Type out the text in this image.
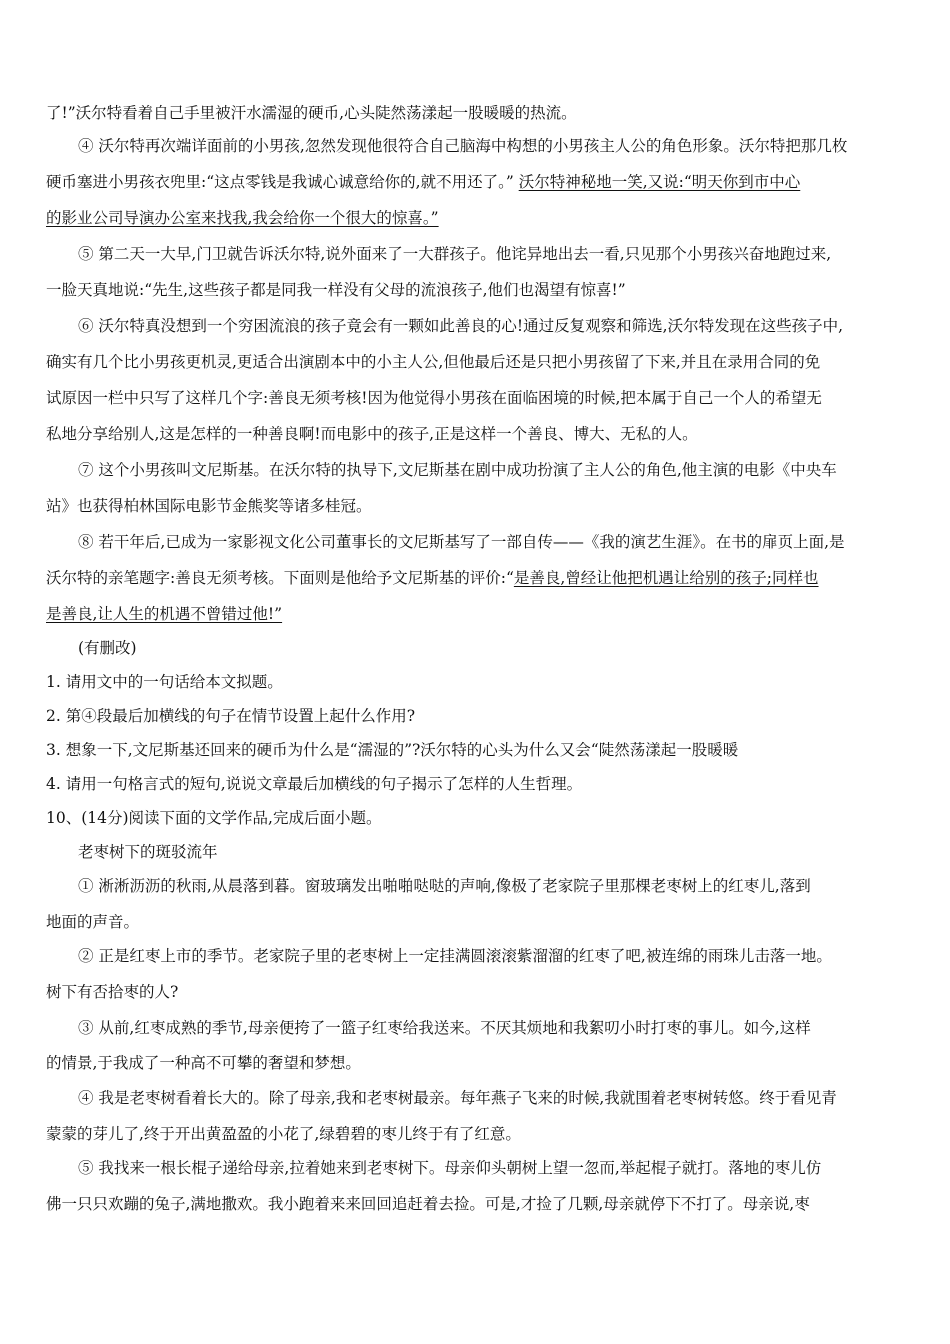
了!”沃尔特看着自己手里被汗水濡湿的硬币,心头陡然荡漾起一股暖暖的热流。
④ 沃尔特再次端详面前的小男孩,忽然发现他很符合自己脑海中构想的小男孩主人公的角色形象。沃尔特把那几枚
硬币塞进小男孩衣兜里:“这点零钱是我诚心诚意给你的,就不用还了。” 沃尔特神秘地一笑,又说:“明天你到市中心
的影业公司导演办公室来找我,我会给你一个很大的惊喜。”
⑤ 第二天一大早,门卫就告诉沃尔特,说外面来了一大群孩子。他诧异地出去一看,只见那个小男孩兴奋地跑过来,
一脸天真地说:“先生,这些孩子都是同我一样没有父母的流浪孩子,他们也渴望有惊喜!”
⑥ 沃尔特真没想到一个穷困流浪的孩子竟会有一颗如此善良的心!通过反复观察和筛选,沃尔特发现在这些孩子中,
确实有几个比小男孩更机灵,更适合出演剧本中的小主人公,但他最后还是只把小男孩留了下来,并且在录用合同的免
试原因一栏中只写了这样几个字:善良无须考核!因为他觉得小男孩在面临困境的时候,把本属于自己一个人的希望无
私地分享给别人,这是怎样的一种善良啊!而电影中的孩子,正是这样一个善良、博大、无私的人。
⑦ 这个小男孩叫文尼斯基。在沃尔特的执导下,文尼斯基在剧中成功扮演了主人公的角色,他主演的电影《中央车
站》也获得柏林国际电影节金熊奖等诸多桂冠。
⑧ 若干年后,已成为一家影视文化公司董事长的文尼斯基写了一部自传——《我的演艺生涯》。在书的扉页上面,是
沃尔特的亲笔题字:善良无须考核。下面则是他给予文尼斯基的评价:“是善良,曾经让他把机遇让给别的孩子;同样也
是善良,让人生的机遇不曾错过他!”
(有删改)
1. 请用文中的一句话给本文拟题。
2. 第④段最后加横线的句子在情节设置上起什么作用?
3. 想象一下,文尼斯基还回来的硬币为什么是“濡湿的”?沃尔特的心头为什么又会“陡然荡漾起一股暖暖
4. 请用一句格言式的短句,说说文章最后加横线的句子揭示了怎样的人生哲理。
10、(14分)阅读下面的文学作品,完成后面小题。
老枣树下的斑驳流年
① 淅淅沥沥的秋雨,从晨落到暮。窗玻璃发出啪啪哒哒的声响,像极了老家院子里那棵老枣树上的红枣儿,落到
地面的声音。
② 正是红枣上市的季节。老家院子里的老枣树上一定挂满圆滚滚紫溜溜的红枣了吧,被连绵的雨珠儿击落一地。
树下有否拾枣的人?
③ 从前,红枣成熟的季节,母亲便挎了一篮子红枣给我送来。不厌其烦地和我絮叨小时打枣的事儿。如今,这样
的情景,于我成了一种高不可攀的奢望和梦想。
④ 我是老枣树看着长大的。除了母亲,我和老枣树最亲。每年燕子飞来的时候,我就围着老枣树转悠。终于看见青
蒙蒙的芽儿了,终于开出黄盈盈的小花了,绿碧碧的枣儿终于有了红意。
⑤ 我找来一根长棍子递给母亲,拉着她来到老枣树下。母亲仰头朝树上望一忽而,举起棍子就打。落地的枣儿仿
佛一只只欢蹦的兔子,满地撒欢。我小跑着来来回回追赶着去捡。可是,才捡了几颗,母亲就停下不打了。母亲说,枣
